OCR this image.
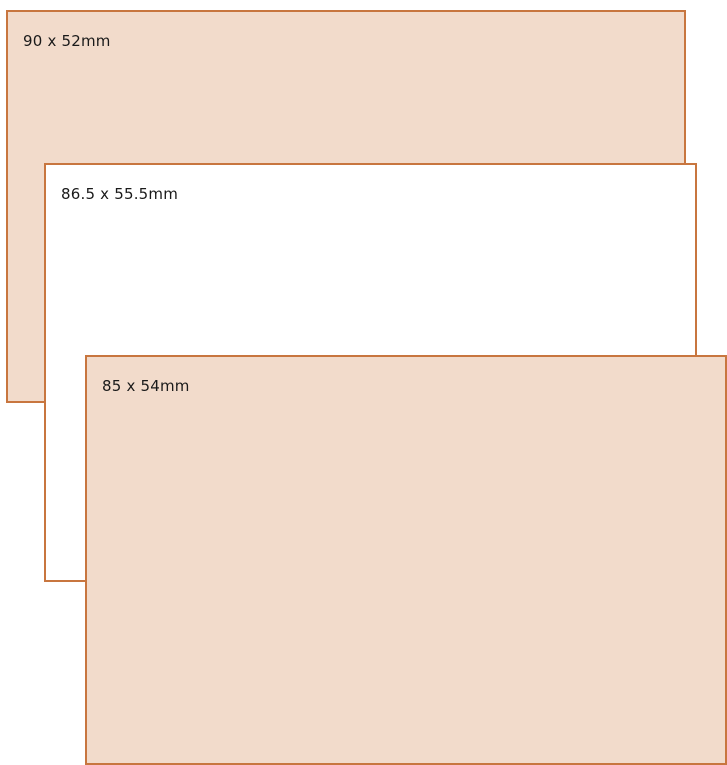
90 x 52mm
86.5 x 55.5mm
85 x 54mm
